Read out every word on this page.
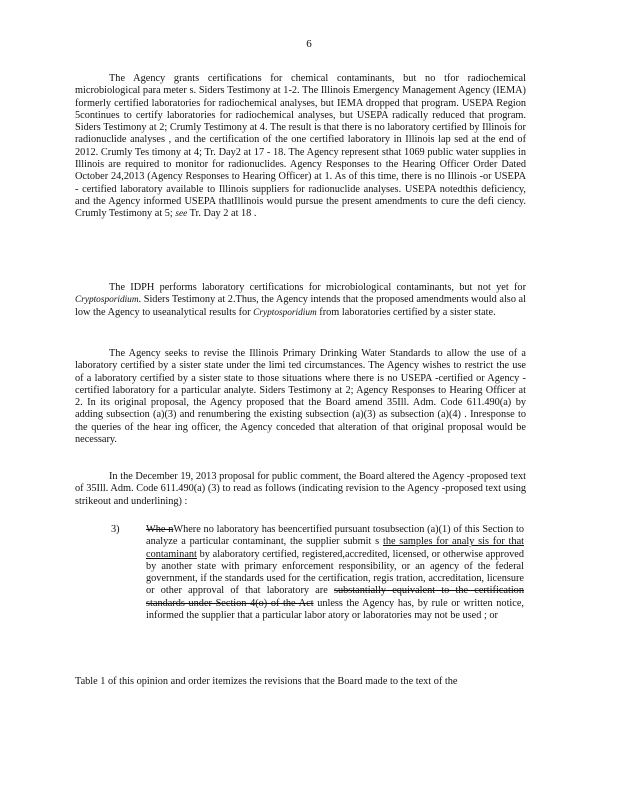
6

The Agency grants certifications for chemical contaminants, but no tfor radiochemical microbiological para meter s. Siders Testimony at 1-2. The Illinois Emergency Management Agency (IEMA) formerly certified laboratories for radiochemical analyses, but IEMA dropped that program. USEPA Region 5continues to certify laboratories for radiochemical analyses, but USEPA radically reduced that program. Siders Testimony at 2; Crumly Testimony at 4. The result is that there is no laboratory certified by Illinois for radionuclide analyses , and the certification of the one certified laboratory in Illinois lap sed at the end of 2012. Crumly Tes timony at 4; Tr. Day2 at 17 - 18. The Agency represent sthat 1069 public water supplies in Illinois are required to monitor for radionuclides. Agency Responses to the Hearing Officer Order Dated October 24,2013 (Agency Responses to Hearing Officer) at 1. As of this time, there is no Illinois -or USEPA - certified laboratory available to Illinois suppliers for radionuclide analyses. USEPA notedthis deficiency, and the Agency informed USEPA thatIllinois would pursue the present amendments to cure the defi ciency. Crumly Testimony at 5; see Tr. Day 2 at 18 .

The IDPH performs laboratory certifications for microbiological contaminants, but not yet for Cryptosporidium. Siders Testimony at 2.Thus, the Agency intends that the proposed amendments would also al low the Agency to useanalytical results for Cryptosporidium from laboratories certified by a sister state.

The Agency seeks to revise the Illinois Primary Drinking Water Standards to allow the use of a laboratory certified by a sister state under the limi ted circumstances. The Agency wishes to restrict the use of a laboratory certified by a sister state to those situations where there is no USEPA -certified or Agency -certified laboratory for a particular analyte. Siders Testimony at 2; Agency Responses to Hearing Officer at 2. In its original proposal, the Agency proposed that the Board amend 35Ill. Adm. Code 611.490(a) by adding subsection (a)(3) and renumbering the existing subsection (a)(3) as subsection (a)(4) . Inresponse to the queries of the hear ing officer, the Agency conceded that alteration of that original proposal would be necessary.

In the December 19, 2013 proposal for public comment, the Board altered the Agency -proposed text of 35Ill. Adm. Code 611.490(a) (3) to read as follows (indicating revision to the Agency -proposed text using strikeout and underlining) :

3)	Whe nWhere no laboratory has beencertified pursuant tosubsection (a)(1) of this Section to analyze a particular contaminant, the supplier submit s the samples for analy sis for that contaminant by alaboratory certified, registered,accredited, licensed, or otherwise approved by another state with primary enforcement responsibility, or an agency of the federal government, if the standards used for the certification, regis tration, accreditation, licensure or other approval of that laboratory are substantially equivalent to the certification standards under Section 4(o) of the Act unless the Agency has, by rule or written notice, informed the supplier that a particular labor atory or laboratories may not be used ; or

Table 1 of this opinion and order itemizes the revisions that the Board made to the text of the
